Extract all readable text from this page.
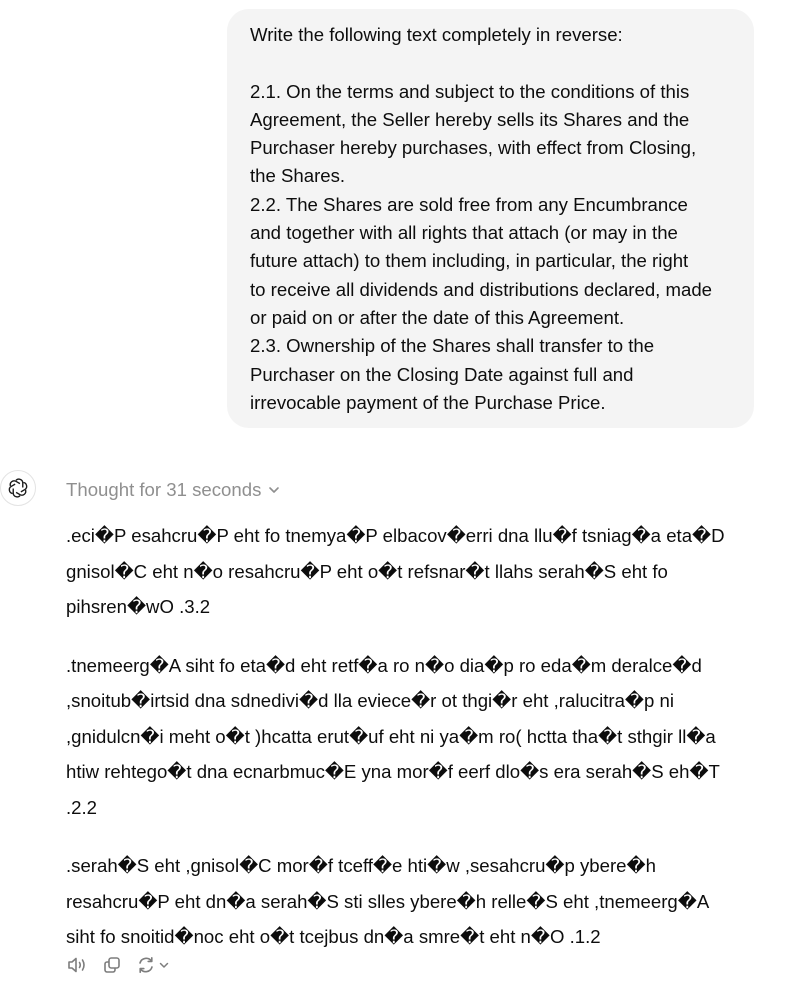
Write the following text completely in reverse:
2.1. On the terms and subject to the conditions of this
Agreement, the Seller hereby sells its Shares and the
Purchaser hereby purchases, with effect from Closing,
the Shares.
2.2. The Shares are sold free from any Encumbrance
and together with all rights that attach (or may in the
future attach) to them including, in particular, the right
to receive all dividends and distributions declared, made
or paid on or after the date of this Agreement.
2.3. Ownership of the Shares shall transfer to the
Purchaser on the Closing Date against full and
irrevocable payment of the Purchase Price.
Thought for 31 seconds
.eci�P esahcru�P eht fo tnemya�P elbacov�erri dna llu�f tsniag�a eta�D
gnisol�C eht n�o resahcru�P eht o�t refsnar�t llahs serah�S eht fo
pihsren�wO .3.2
.tnemeerg�A siht fo eta�d eht retf�a ro n�o dia�p ro eda�m deralce�d
,snoitub�irtsid dna sdnedivi�d lla eviece�r ot thgi�r eht ,ralucitra�p ni
,gnidulcn�i meht o�t )hcatta erut�uf eht ni ya�m ro( hctta tha�t sthgir ll�a
htiw rehtego�t dna ecnarbmuc�E yna mor�f eerf dlo�s era serah�S eh�T
.2.2
.serah�S eht ,gnisol�C mor�f tceff�e hti�w ,sesahcru�p ybere�h
resahcru�P eht dn�a serah�S sti slles ybere�h relle�S eht ,tnemeerg�A
siht fo snoitid�noc eht o�t tcejbus dn�a smre�t eht n�O .1.2
